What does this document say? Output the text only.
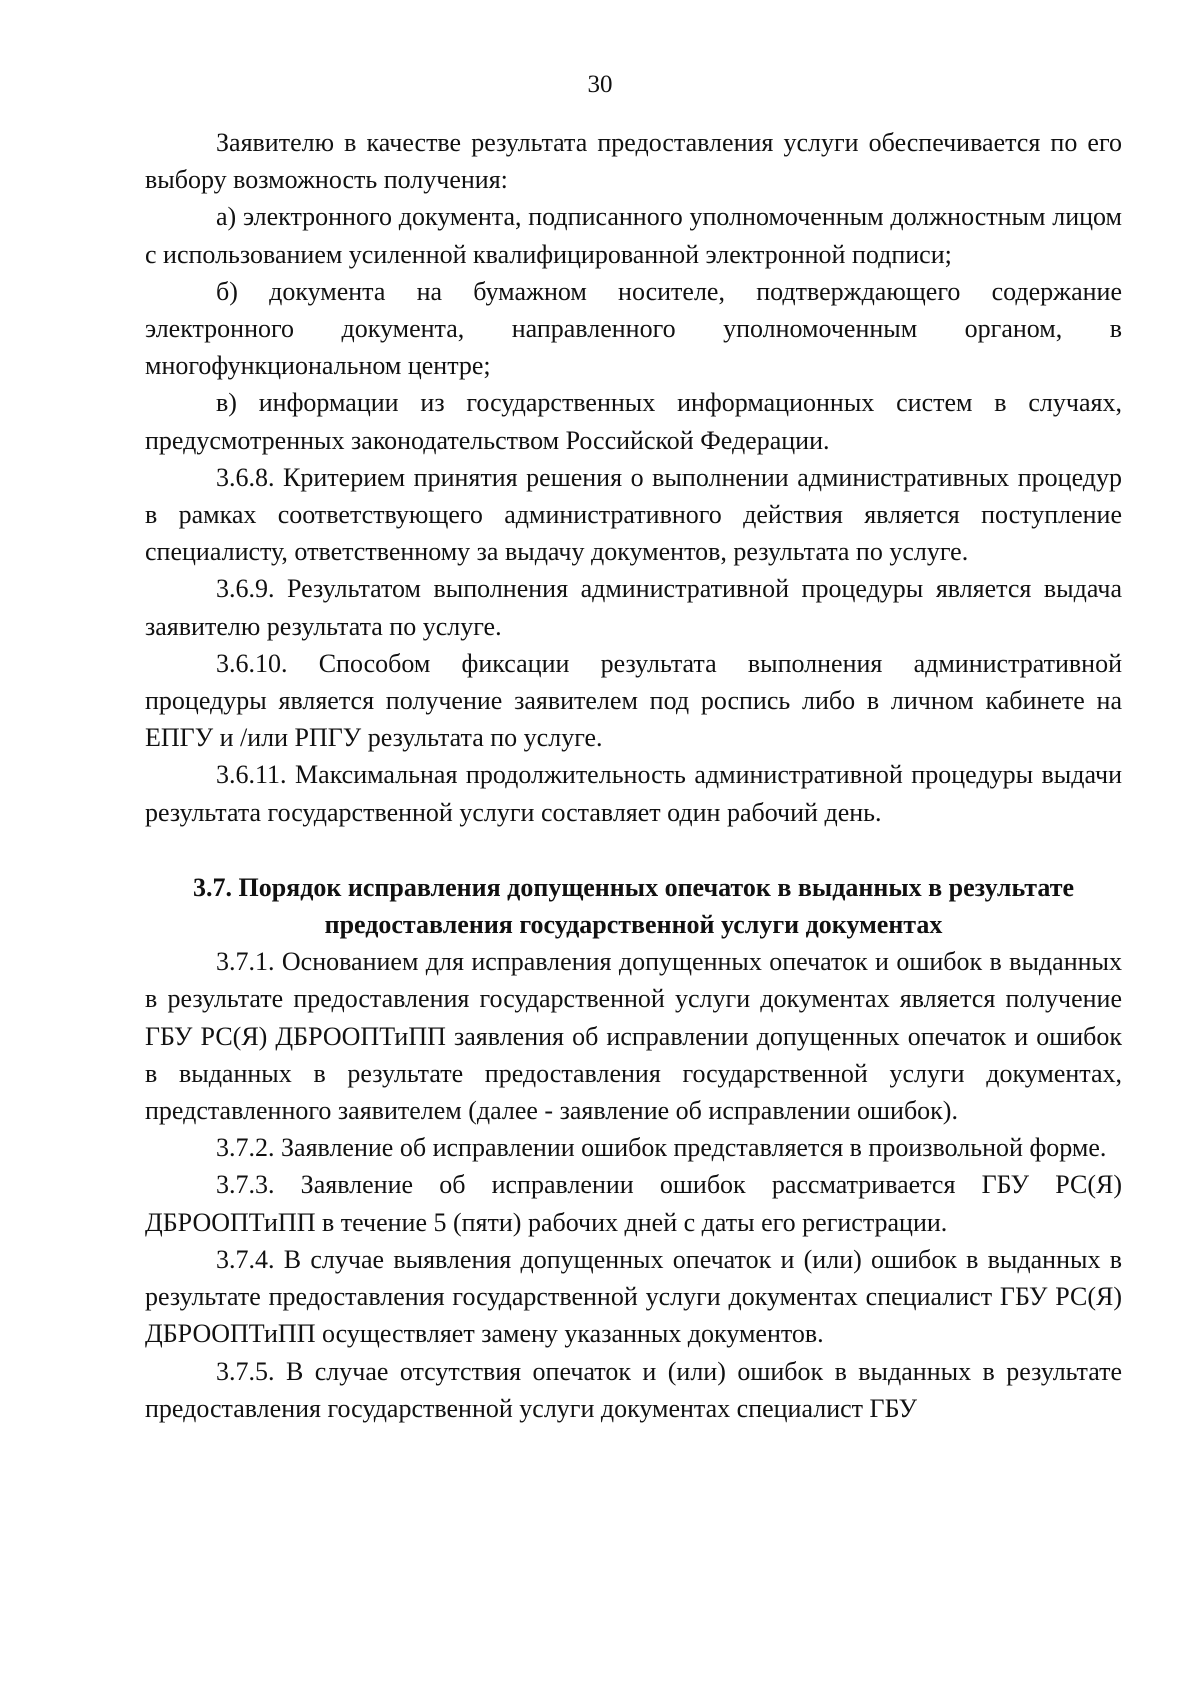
30

Заявителю в качестве результата предоставления услуги обеспечивается по его выбору возможность получения:

а) электронного документа, подписанного уполномоченным должностным лицом с использованием усиленной квалифицированной электронной подписи;

б) документа на бумажном носителе, подтверждающего содержание электронного документа, направленного уполномоченным органом, в многофункциональном центре;

в) информации из государственных информационных систем в случаях, предусмотренных законодательством Российской Федерации.

3.6.8. Критерием принятия решения о выполнении административных процедур в рамках соответствующего административного действия является поступление специалисту, ответственному за выдачу документов, результата по услуге.

3.6.9. Результатом выполнения административной процедуры является выдача заявителю результата по услуге.

3.6.10. Способом фиксации результата выполнения административной процедуры является получение заявителем под роспись либо в личном кабинете на ЕПГУ и /или РПГУ результата по услуге.

3.6.11. Максимальная продолжительность административной процедуры выдачи результата государственной услуги составляет один рабочий день.

3.7. Порядок исправления допущенных опечаток в выданных в результате предоставления государственной услуги документах

3.7.1. Основанием для исправления допущенных опечаток и ошибок в выданных в результате предоставления государственной услуги документах является получение ГБУ РС(Я) ДБРООПТиПП заявления об исправлении допущенных опечаток и ошибок в выданных в результате предоставления государственной услуги документах, представленного заявителем (далее - заявление об исправлении ошибок).

3.7.2. Заявление об исправлении ошибок представляется в произвольной форме.

3.7.3. Заявление об исправлении ошибок рассматривается ГБУ РС(Я) ДБРООПТиПП в течение 5 (пяти) рабочих дней с даты его регистрации.

3.7.4. В случае выявления допущенных опечаток и (или) ошибок в выданных в результате предоставления государственной услуги документах специалист ГБУ РС(Я) ДБРООПТиПП осуществляет замену указанных документов.

3.7.5. В случае отсутствия опечаток и (или) ошибок в выданных в результате предоставления государственной услуги документах специалист ГБУ
